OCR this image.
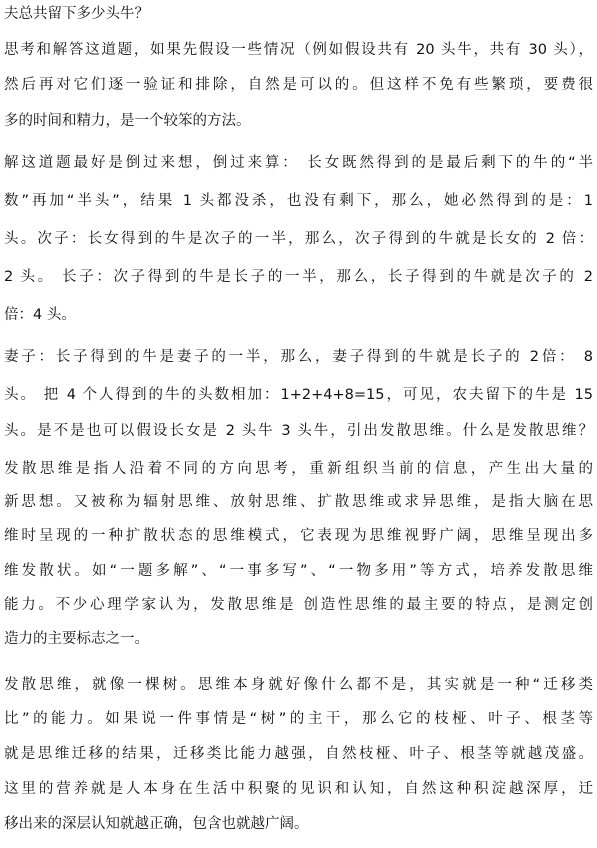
夫总共留下多少头牛？
思考和解答这道题，如果先假设一些情况（例如假设共有 20 头牛，共有 30 头），
然后再对它们逐一验证和排除，自然是可以的。但这样不免有些繁琐，要费很
多的时间和精力，是一个较笨的方法。
解这道题最好是倒过来想，倒过来算： 长女既然得到的是最后剩下的牛的“半
数”再加“半头”，结果 1 头都没杀，也没有剩下，那么，她必然得到的是：1
头。次子：长女得到的牛是次子的一半，那么，次子得到的牛就是长女的 2 倍：
2 头。 长子：次子得到的牛是长子的一半，那么，长子得到的牛就是次子的 2
倍：4 头。
妻子：长子得到的牛是妻子的一半，那么，妻子得到的牛就是长子的 2倍： 8
头。 把 4 个人得到的牛的头数相加：1+2+4+8=15，可见，农夫留下的牛是 15
头。是不是也可以假设长女是 2 头牛 3 头牛，引出发散思维。什么是发散思维？
发散思维是指人沿着不同的方向思考，重新组织当前的信息，产生出大量的
新思想。又被称为辐射思维、放射思维、扩散思维或求异思维，是指大脑在思
维时呈现的一种扩散状态的思维模式，它表现为思维视野广阔，思维呈现出多
维发散状。如“一题多解”、“一事多写”、“一物多用”等方式，培养发散思维
能力。不少心理学家认为，发散思维是 创造性思维的最主要的特点，是测定创
造力的主要标志之一。
发散思维，就像一棵树。思维本身就好像什么都不是，其实就是一种“迁移类
比”的能力。如果说一件事情是“树”的主干，那么它的枝桠、叶子、根茎等
就是思维迁移的结果，迁移类比能力越强，自然枝桠、叶子、根茎等就越茂盛。
这里的营养就是人本身在生活中积聚的见识和认知，自然这种积淀越深厚，迁
移出来的深层认知就越正确，包含也就越广阔。
